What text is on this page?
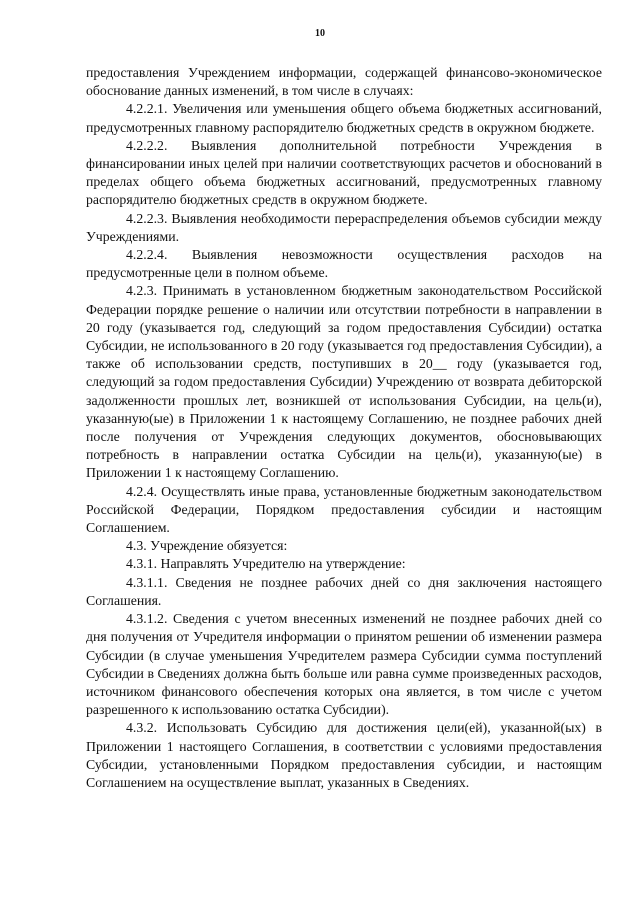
10

предоставления Учреждением информации, содержащей финансово-экономическое обоснование данных изменений, в том числе в случаях:

4.2.2.1. Увеличения или уменьшения общего объема бюджетных ассигнований, предусмотренных главному распорядителю бюджетных средств в окружном бюджете.

4.2.2.2. Выявления дополнительной потребности Учреждения в финансировании иных целей при наличии соответствующих расчетов и обоснований в пределах общего объема бюджетных ассигнований, предусмотренных главному распорядителю бюджетных средств в окружном бюджете.

4.2.2.3. Выявления необходимости перераспределения объемов субсидии между Учреждениями.

4.2.2.4. Выявления невозможности осуществления расходов на предусмотренные цели в полном объеме.

4.2.3. Принимать в установленном бюджетным законодательством Российской Федерации порядке решение о наличии или отсутствии потребности в направлении в 20 году (указывается год, следующий за годом предоставления Субсидии) остатка Субсидии, не использованного в 20 году (указывается год предоставления Субсидии), а также об использовании средств, поступивших в 20__ году (указывается год, следующий за годом предоставления Субсидии) Учреждению от возврата дебиторской задолженности прошлых лет, возникшей от использования Субсидии, на цель(и), указанную(ые) в Приложении 1 к настоящему Соглашению, не позднее рабочих дней после получения от Учреждения следующих документов, обосновывающих потребность в направлении остатка Субсидии на цель(и), указанную(ые) в Приложении 1 к настоящему Соглашению.

4.2.4. Осуществлять иные права, установленные бюджетным законодательством Российской Федерации, Порядком предоставления субсидии и настоящим Соглашением.

4.3. Учреждение обязуется:

4.3.1. Направлять Учредителю на утверждение:

4.3.1.1. Сведения не позднее рабочих дней со дня заключения настоящего Соглашения.

4.3.1.2. Сведения с учетом внесенных изменений не позднее рабочих дней со дня получения от Учредителя информации о принятом решении об изменении размера Субсидии (в случае уменьшения Учредителем размера Субсидии сумма поступлений Субсидии в Сведениях должна быть больше или равна сумме произведенных расходов, источником финансового обеспечения которых она является, в том числе с учетом разрешенного к использованию остатка Субсидии).

4.3.2. Использовать Субсидию для достижения цели(ей), указанной(ых) в Приложении 1 настоящего Соглашения, в соответствии с условиями предоставления Субсидии, установленными Порядком предоставления субсидии, и настоящим Соглашением на осуществление выплат, указанных в Сведениях.
